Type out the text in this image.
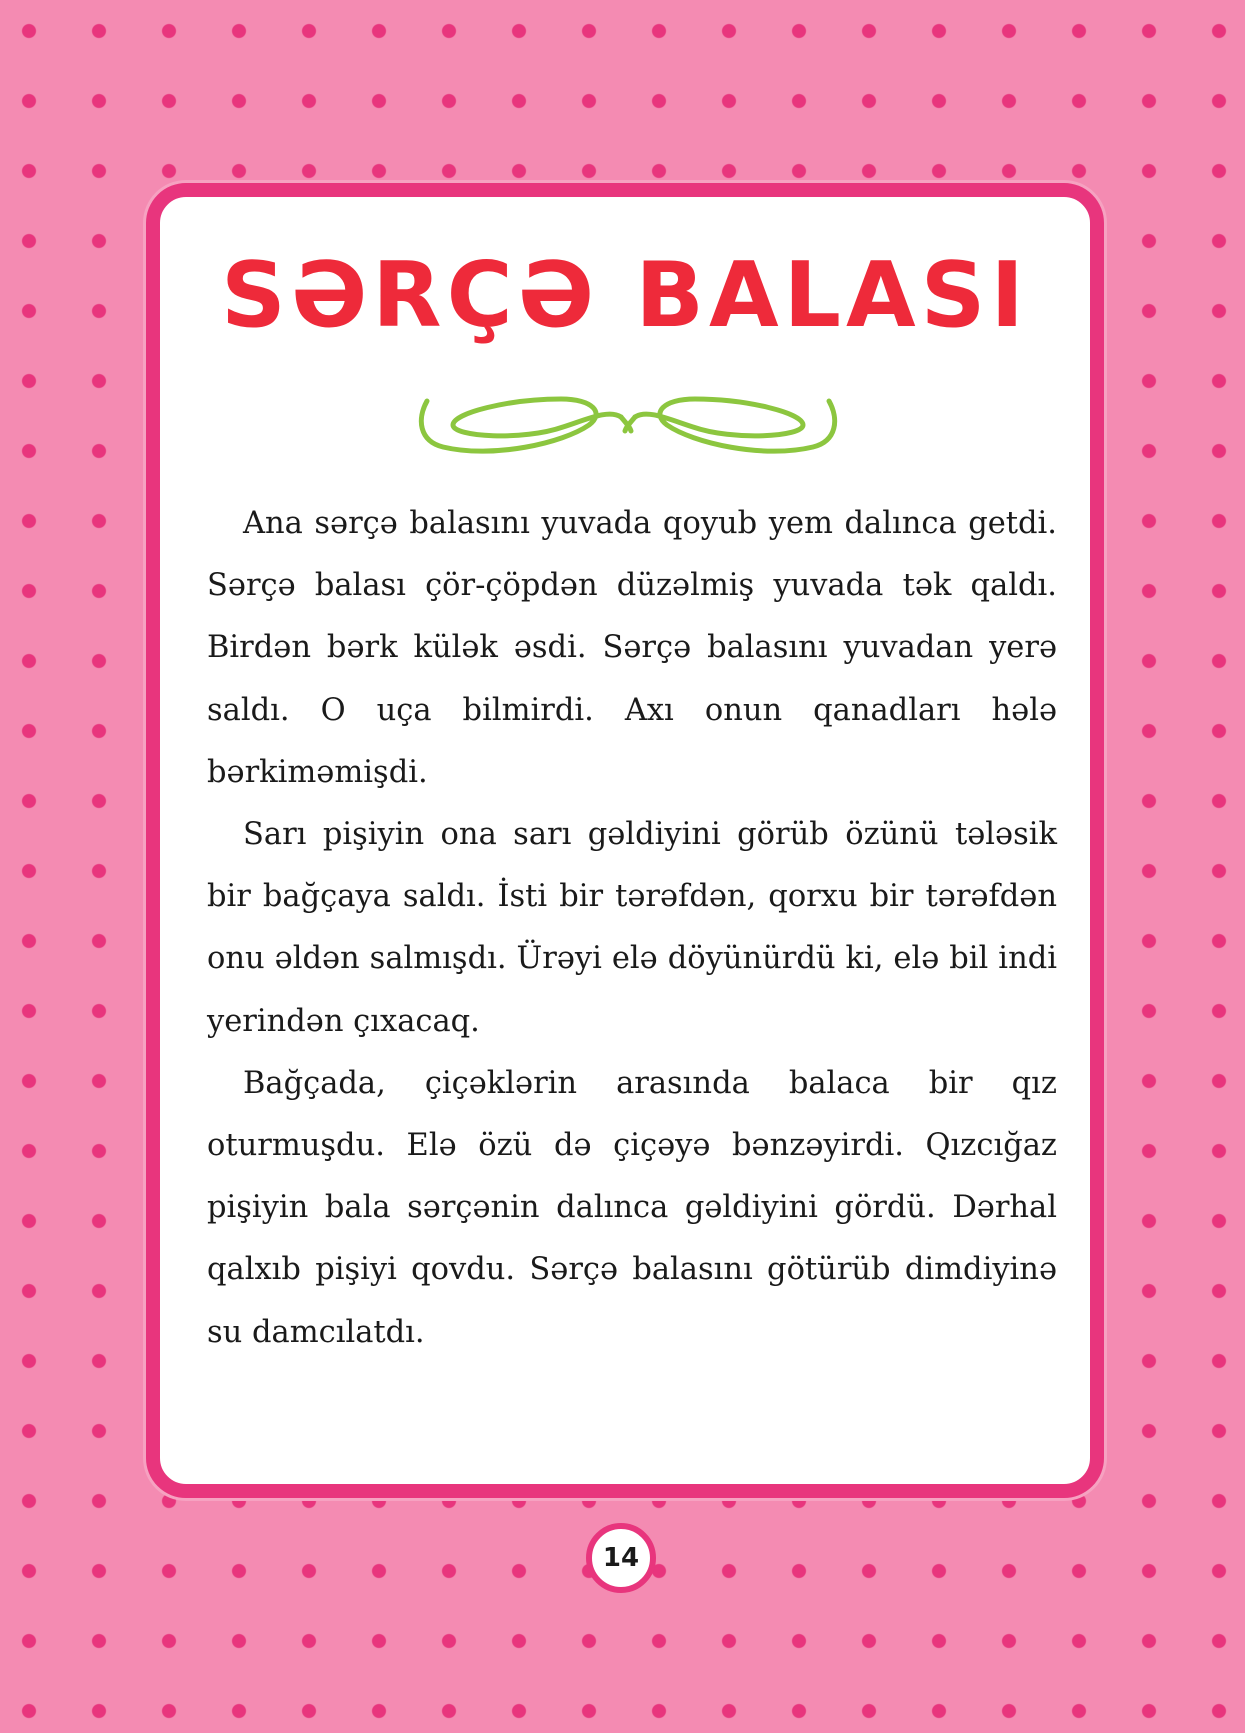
SƏRÇƏ BALASI

Ana sərçə balasını yuvada qoyub yem dalınca getdi. Sərçə balası çör-çöpdən düzəlmiş yuvada tək qaldı. Birdən bərk külək əsdi. Sərçə balasını yuvadan yerə saldı. O uça bilmirdi. Axı onun qanadları hələ bərkiməmişdi.

Sarı pişiyin ona sarı gəldiyini görüb özünü tələsik bir bağçaya saldı. İsti bir tərəfdən, qorxu bir tərəfdən onu əldən salmışdı. Ürəyi elə döyünürdü ki, elə bil indi yerindən çıxacaq.

Bağçada, çiçəklərin arasında balaca bir qız oturmuşdu. Elə özü də çiçəyə bənzəyirdi. Qızcığaz pişiyin bala sərçənin dalınca gəldiyini gördü. Dərhal qalxıb pişiyi qovdu. Sərçə balasını götürüb dimdiyinə su damcılatdı.

14
